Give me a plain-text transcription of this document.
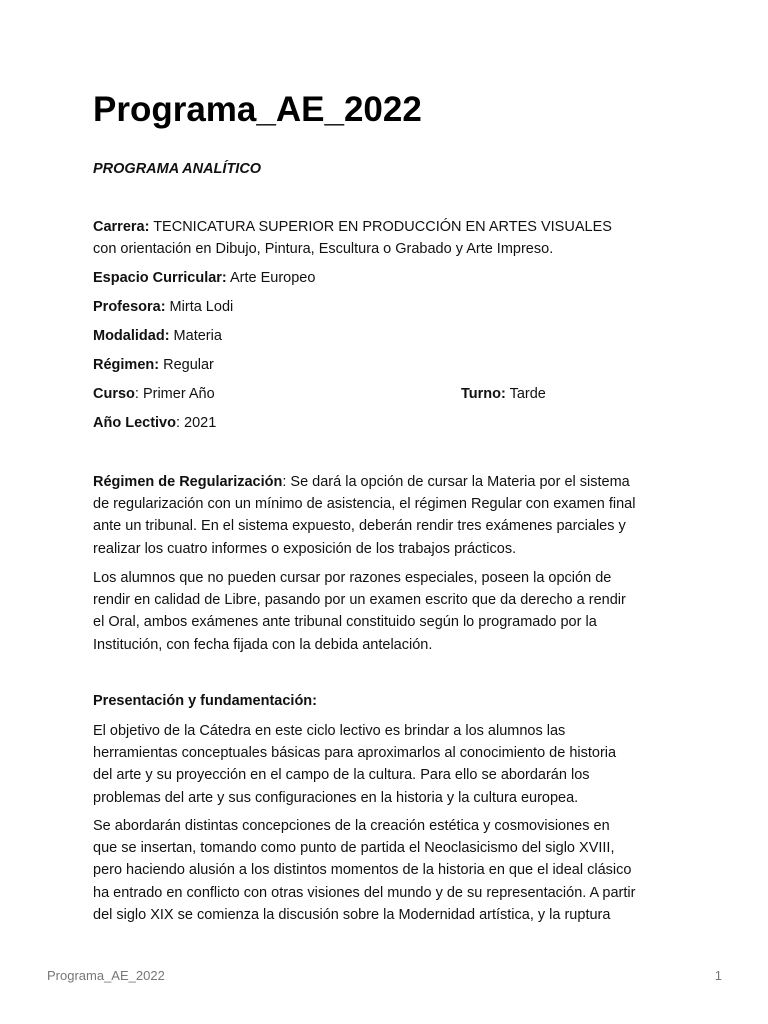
Programa_AE_2022
PROGRAMA ANALÍTICO

Carrera: TECNICATURA SUPERIOR EN PRODUCCIÓN EN ARTES VISUALES

con orientación en Dibujo, Pintura, Escultura o Grabado y Arte Impreso.

Espacio Curricular: Arte Europeo
Profesora: Mirta Lodi
Modalidad: Materia
Régimen: Regular
Curso: Primer Año	Turno: Tarde
Año Lectivo: 2021

Régimen de Regularización: Se dará la opción de cursar la Materia por el sistema

de regularización con un mínimo de asistencia, el régimen Regular con examen final

ante un tribunal. En el sistema expuesto, deberán rendir tres exámenes parciales y

realizar los cuatro informes o exposición de los trabajos prácticos.

Los alumnos que no pueden cursar por razones especiales, poseen la opción de

rendir en calidad de Libre, pasando por un examen escrito que da derecho a rendir

el Oral, ambos exámenes ante tribunal constituido según lo programado por la

Institución, con fecha fijada con la debida antelación.

Presentación y fundamentación:

El objetivo de la Cátedra en este ciclo lectivo es brindar a los alumnos las

herramientas conceptuales básicas para aproximarlos al conocimiento de historia

del arte y su proyección en el campo de la cultura. Para ello se abordarán los

problemas del arte y sus configuraciones en la historia y la cultura europea.

Se abordarán distintas concepciones de la creación estética y cosmovisiones en

que se insertan, tomando como punto de partida el Neoclasicismo del siglo XVIII,

pero haciendo alusión a los distintos momentos de la historia en que el ideal clásico

ha entrado en conflicto con otras visiones del mundo y de su representación. A partir

del siglo XIX se comienza la discusión sobre la Modernidad artística, y la ruptura

Programa_AE_2022	1
